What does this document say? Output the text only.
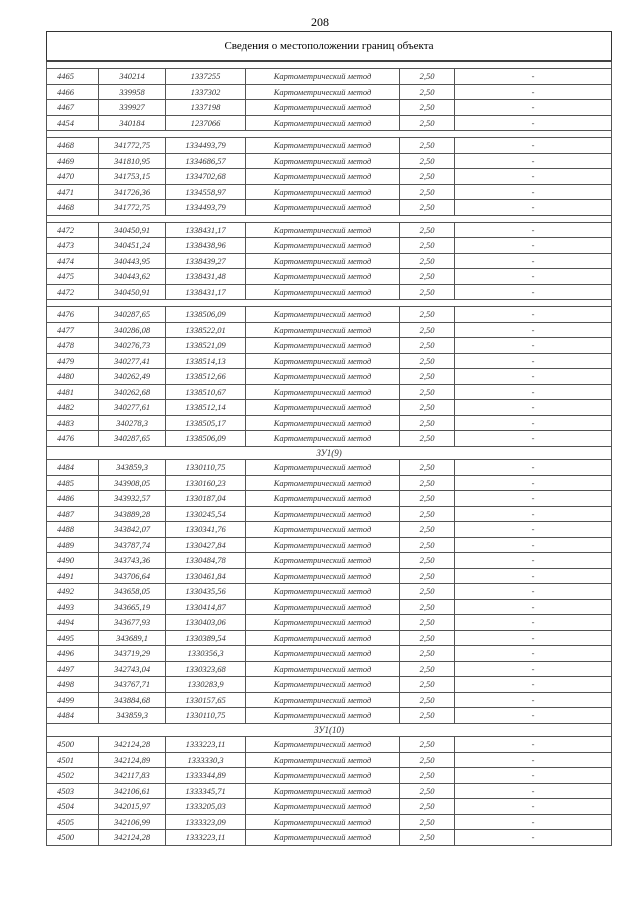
208
Сведения о местоположении границ объекта					

4465	340214	1337255	Картометрический метод	2,50	-
4466	339958	1337302	Картометрический метод	2,50	-
4467	339927	1337198	Картометрический метод	2,50	-
4454	340184	1237066	Картометрический метод	2,50	-

4468	341772,75	1334493,79	Картометрический метод	2,50	-
4469	341810,95	1334686,57	Картометрический метод	2,50	-
4470	341753,15	1334702,68	Картометрический метод	2,50	-
4471	341726,36	1334558,97	Картометрический метод	2,50	-
4468	341772,75	1334493,79	Картометрический метод	2,50	-

4472	340450,91	1338431,17	Картометрический метод	2,50	-
4473	340451,24	1338438,96	Картометрический метод	2,50	-
4474	340443,95	1338439,27	Картометрический метод	2,50	-
4475	340443,62	1338431,48	Картометрический метод	2,50	-
4472	340450,91	1338431,17	Картометрический метод	2,50	-

4476	340287,65	1338506,09	Картометрический метод	2,50	-
4477	340286,08	1338522,01	Картометрический метод	2,50	-
4478	340276,73	1338521,09	Картометрический метод	2,50	-
4479	340277,41	1338514,13	Картометрический метод	2,50	-
4480	340262,49	1338512,66	Картометрический метод	2,50	-
4481	340262,68	1338510,67	Картометрический метод	2,50	-
4482	340277,61	1338512,14	Картометрический метод	2,50	-
4483	340278,3	1338505,17	Картометрический метод	2,50	-
4476	340287,65	1338506,09	Картометрический метод	2,50	-
ЗУ1(9)					
4484	343859,3	1330110,75	Картометрический метод	2,50	-
4485	343908,05	1330160,23	Картометрический метод	2,50	-
4486	343932,57	1330187,04	Картометрический метод	2,50	-
4487	343889,28	1330245,54	Картометрический метод	2,50	-
4488	343842,07	1330341,76	Картометрический метод	2,50	-
4489	343787,74	1330427,84	Картометрический метод	2,50	-
4490	343743,36	1330484,78	Картометрический метод	2,50	-
4491	343706,64	1330461,84	Картометрический метод	2,50	-
4492	343658,05	1330435,56	Картометрический метод	2,50	-
4493	343665,19	1330414,87	Картометрический метод	2,50	-
4494	343677,93	1330403,06	Картометрический метод	2,50	-
4495	343689,1	1330389,54	Картометрический метод	2,50	-
4496	343719,29	1330356,3	Картометрический метод	2,50	-
4497	342743,04	1330323,68	Картометрический метод	2,50	-
4498	343767,71	1330283,9	Картометрический метод	2,50	-
4499	343884,68	1330157,65	Картометрический метод	2,50	-
4484	343859,3	1330110,75	Картометрический метод	2,50	-
ЗУ1(10)					
4500	342124,28	1333223,11	Картометрический метод	2,50	-
4501	342124,89	1333330,3	Картометрический метод	2,50	-
4502	342117,83	1333344,89	Картометрический метод	2,50	-
4503	342106,61	1333345,71	Картометрический метод	2,50	-
4504	342015,97	1333205,03	Картометрический метод	2,50	-
4505	342106,99	1333323,09	Картометрический метод	2,50	-
4500	342124,28	1333223,11	Картометрический метод	2,50	-
